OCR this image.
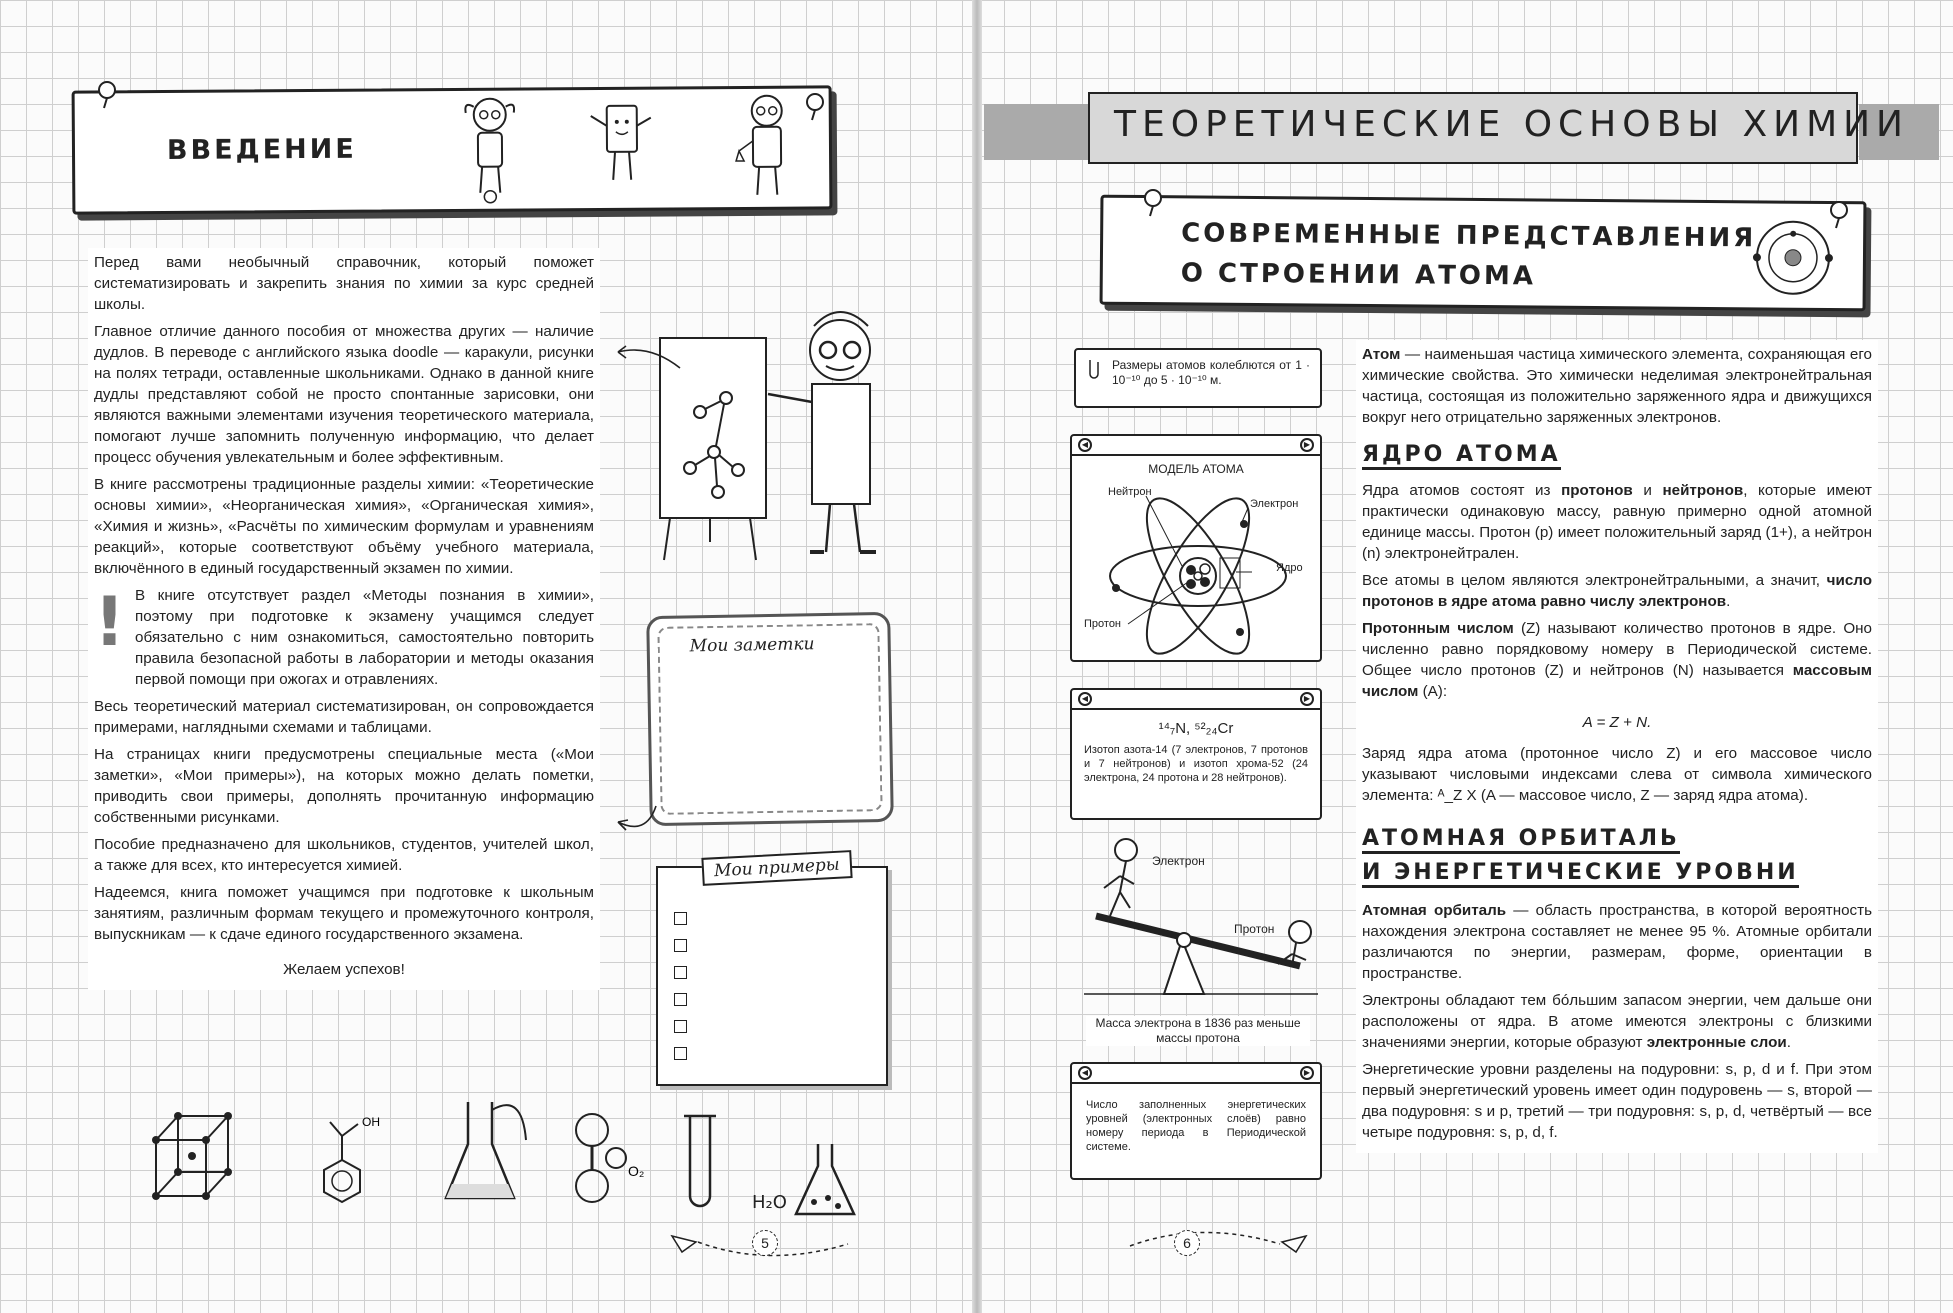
ВВЕДЕНИЕ

Перед вами необычный справочник, который поможет систематизировать и закрепить знания по химии за курс средней школы.

Главное отличие данного пособия от множества других — наличие дудлов. В переводе с английского языка doodle — каракули, рисунки на полях тетради, оставленные школьниками. Однако в данной книге дудлы представляют собой не просто спонтанные зарисовки, они являются важными элементами изучения теоретического материала, помогают лучше запомнить полученную информацию, что делает процесс обучения увлекательным и более эффективным.

В книге рассмотрены традиционные разделы химии: «Теоретические основы химии», «Неорганическая химия», «Органическая химия», «Химия и жизнь», «Расчёты по химическим формулам и уравнениям реакций», которые соответствуют объёму учебного материала, включённого в единый государственный экзамен по химии.

! В книге отсутствует раздел «Методы познания в химии», поэтому при подготовке к экзамену учащимся следует обязательно с ним ознакомиться, самостоятельно повторить правила безопасной работы в лаборатории и методы оказания первой помощи при ожогах и отравлениях.

Весь теоретический материал систематизирован, он сопровождается примерами, наглядными схемами и таблицами.

На страницах книги предусмотрены специальные места («Мои заметки», «Мои примеры»), на которых можно делать пометки, приводить свои примеры, дополнять прочитанную информацию собственными рисунками.

Пособие предназначено для школьников, студентов, учителей школ, а также для всех, кто интересуется химией.

Надеемся, книга поможет учащимся при подготовке к школьным занятиям, различным формам текущего и промежуточного контроля, выпускникам — к сдаче единого государственного экзамена.

Желаем успехов!

Мои заметки
Мои примеры
OH
O₂
H₂O
5
ТЕОРЕТИЧЕСКИЕ ОСНОВЫ ХИМИИ
СОВРЕМЕННЫЕ ПРЕДСТАВЛЕНИЯ
О СТРОЕНИИ АТОМА
Размеры атомов колеблются от 1 · 10⁻¹⁰ до 5 · 10⁻¹⁰ м.
◀	▶
МОДЕЛЬ АТОМА
Нейтрон
Электрон
Ядро
Протон
◀	▶
¹⁴₇N, ⁵²₂₄Cr
Изотоп азота-14 (7 электронов, 7 протонов и 7 нейтронов) и изотоп хрома-52 (24 электрона, 24 протона и 28 нейтронов).
Электрон
Протон
Масса электрона в 1836 раз меньше массы протона
◀	▶
Число заполненных энергетических уровней (электронных слоёв) равно номеру периода в Периодической системе.

Атом — наименьшая частица химического элемента, сохраняющая его химические свойства. Это химически неделимая электронейтральная частица, состоящая из положительно заряженного ядра и движущихся вокруг него отрицательно заряженных электронов.

ЯДРО АТОМА

Ядра атомов состоят из протонов и нейтронов, которые имеют практически одинаковую массу, равную примерно одной атомной единице массы. Протон (p) имеет положительный заряд (1+), а нейтрон (n) электронейтрален.

Все атомы в целом являются электронейтральными, а значит, число протонов в ядре атома равно числу электронов.

Протонным числом (Z) называют количество протонов в ядре. Оно численно равно порядковому номеру в Периодической системе. Общее число протонов (Z) и нейтронов (N) называется массовым числом (A):

A = Z + N.

Заряд ядра атома (протонное число Z) и его массовое число указывают числовыми индексами слева от символа химического элемента: ᴬ_Z X (A — массовое число, Z — заряд ядра атома).

АТОМНАЯ ОРБИТАЛЬ
И ЭНЕРГЕТИЧЕСКИЕ УРОВНИ

Атомная орбиталь — область пространства, в которой вероятность нахождения электрона составляет не менее 95 %. Атомные орбитали различаются по энергии, размерам, форме, ориентации в пространстве.

Электроны обладают тем бóльшим запасом энергии, чем дальше они расположены от ядра. В атоме имеются электроны с близкими значениями энергии, которые образуют электронные слои.

Энергетические уровни разделены на подуровни: s, p, d и f. При этом первый энергетический уровень имеет один подуровень — s, второй — два подуровня: s и p, третий — три подуровня: s, p, d, четвёртый — все четыре подуровня: s, p, d, f.

6
